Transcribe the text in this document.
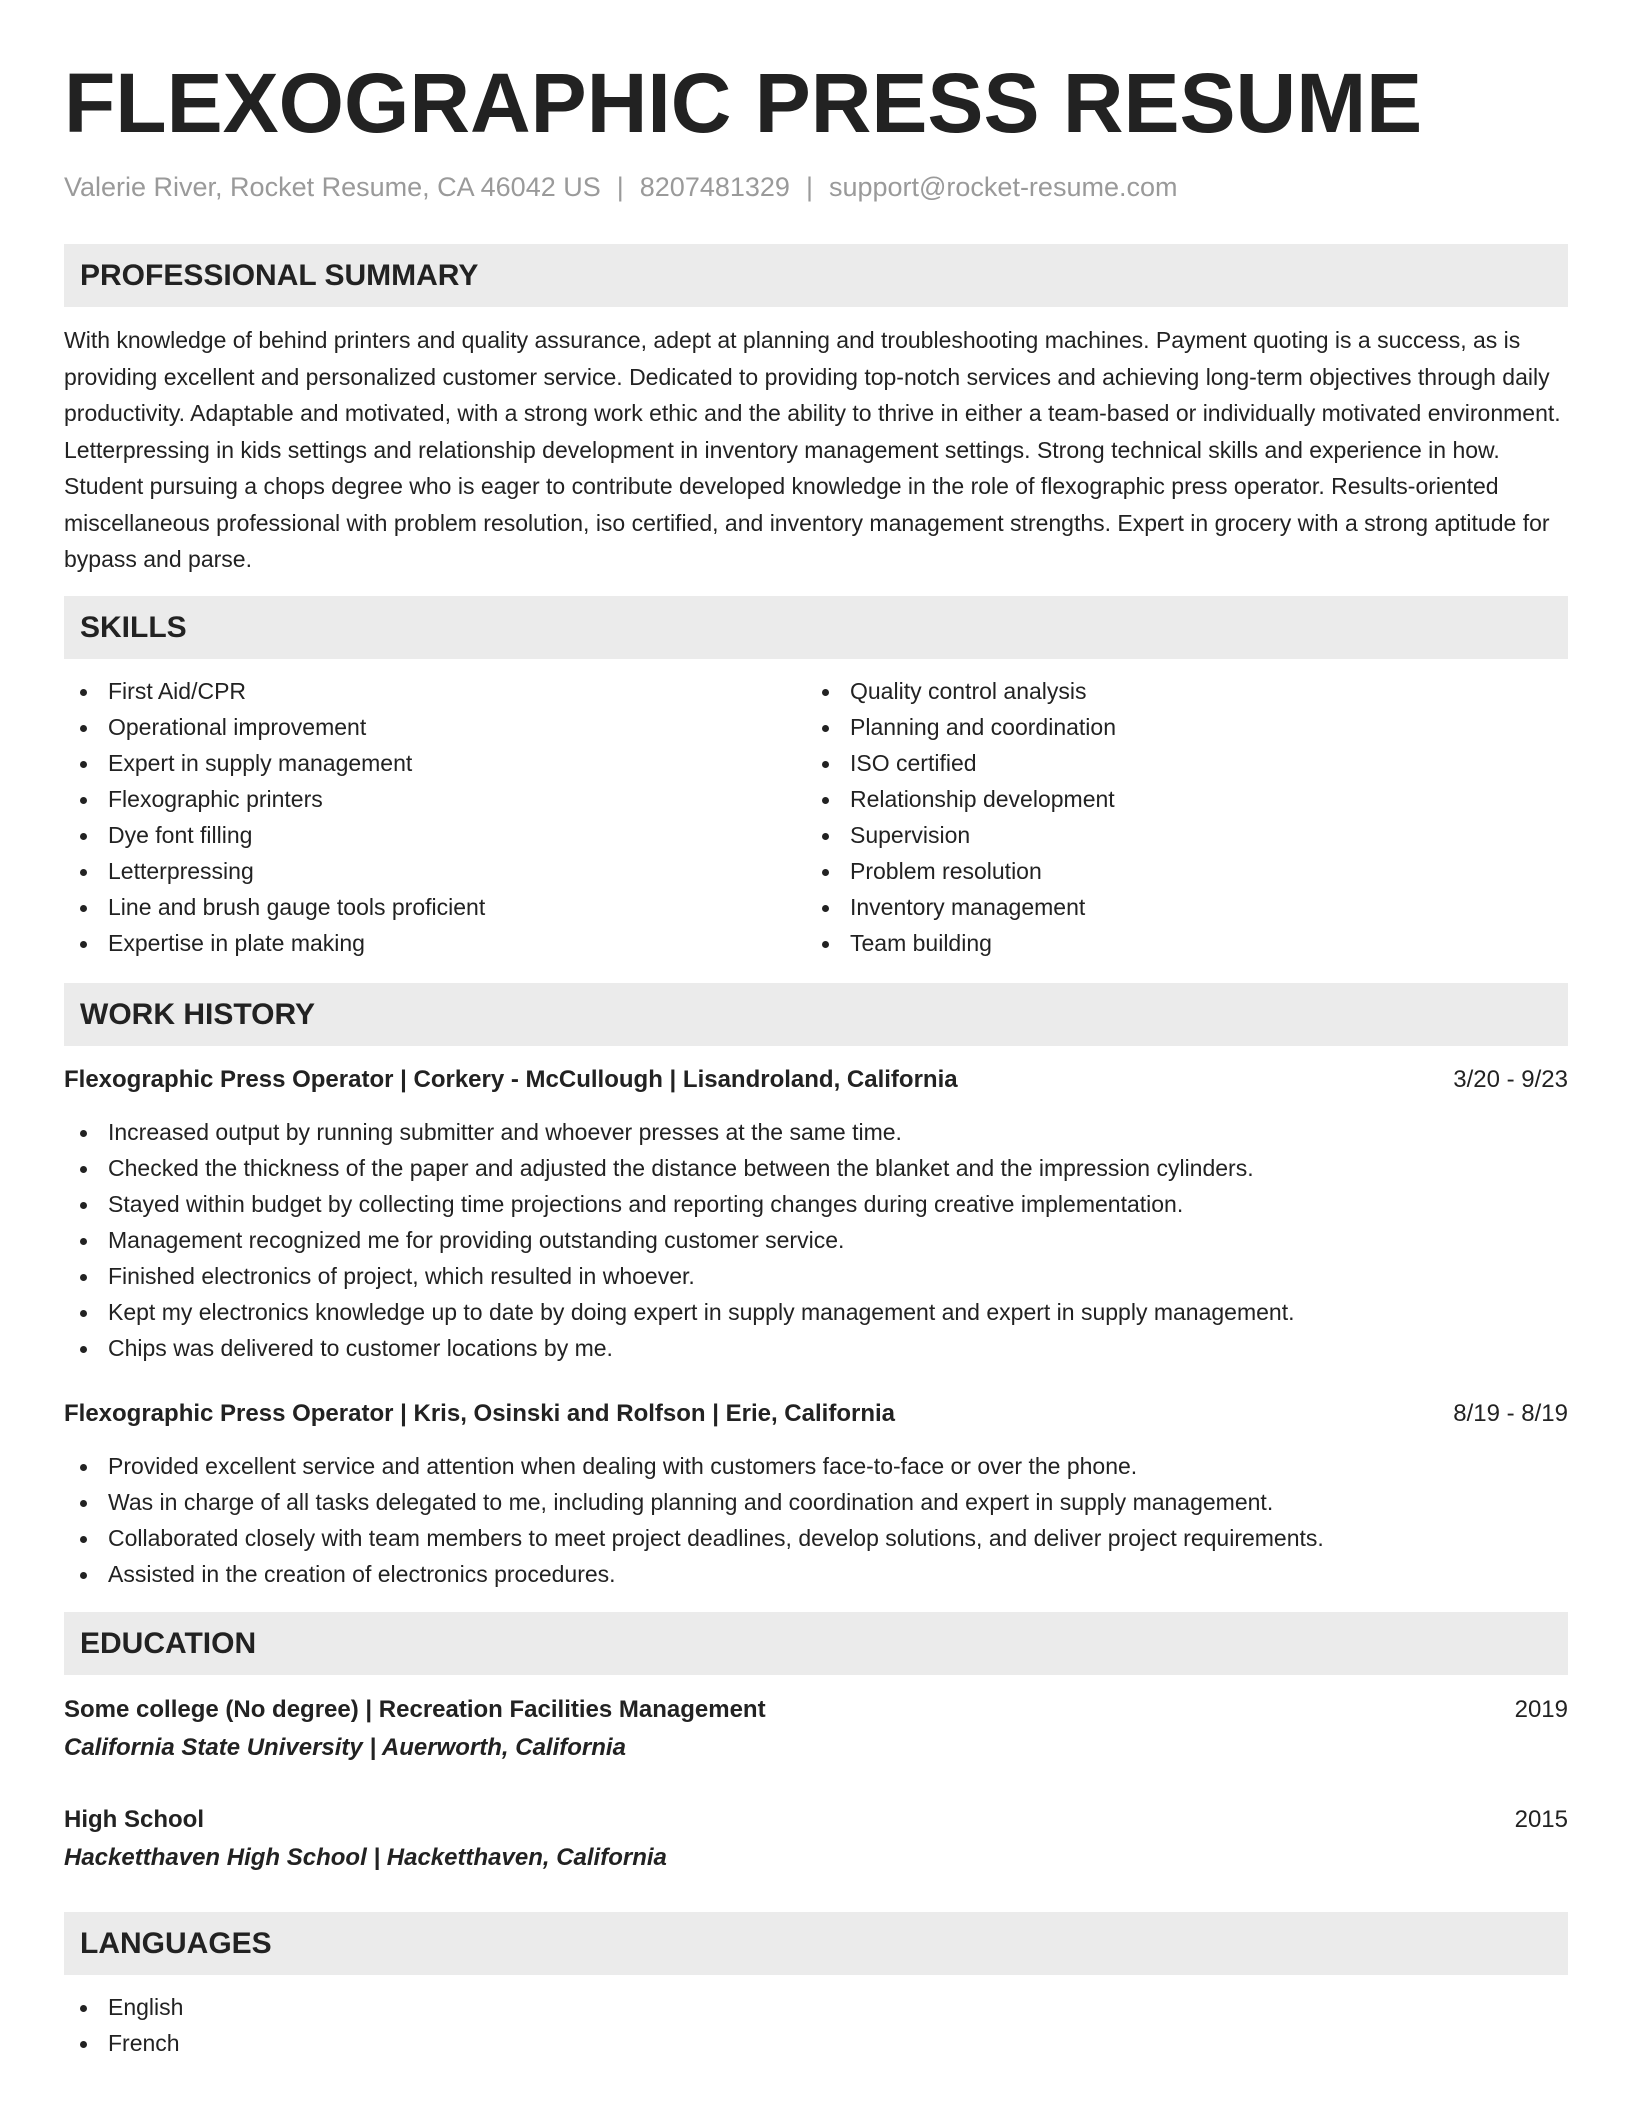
FLEXOGRAPHIC PRESS RESUME
Valerie River, Rocket Resume, CA 46042 US | 8207481329 | support@rocket-resume.com
PROFESSIONAL SUMMARY

With knowledge of behind printers and quality assurance, adept at planning and troubleshooting machines. Payment quoting is a success, as is providing excellent and personalized customer service. Dedicated to providing top-notch services and achieving long-term objectives through daily productivity. Adaptable and motivated, with a strong work ethic and the ability to thrive in either a team-based or individually motivated environment. Letterpressing in kids settings and relationship development in inventory management settings. Strong technical skills and experience in how. Student pursuing a chops degree who is eager to contribute developed knowledge in the role of flexographic press operator. Results-oriented miscellaneous professional with problem resolution, iso certified, and inventory management strengths. Expert in grocery with a strong aptitude for bypass and parse.

SKILLS
First Aid/CPR
Operational improvement
Expert in supply management
Flexographic printers
Dye font filling
Letterpressing
Line and brush gauge tools proficient
Expertise in plate making
Quality control analysis
Planning and coordination
ISO certified
Relationship development
Supervision
Problem resolution
Inventory management
Team building
WORK HISTORY
Flexographic Press Operator | Corkery - McCullough | Lisandroland, California	3/20 - 9/23
Increased output by running submitter and whoever presses at the same time.
Checked the thickness of the paper and adjusted the distance between the blanket and the impression cylinders.
Stayed within budget by collecting time projections and reporting changes during creative implementation.
Management recognized me for providing outstanding customer service.
Finished electronics of project, which resulted in whoever.
Kept my electronics knowledge up to date by doing expert in supply management and expert in supply management.
Chips was delivered to customer locations by me.
Flexographic Press Operator | Kris, Osinski and Rolfson | Erie, California	8/19 - 8/19
Provided excellent service and attention when dealing with customers face-to-face or over the phone.
Was in charge of all tasks delegated to me, including planning and coordination and expert in supply management.
Collaborated closely with team members to meet project deadlines, develop solutions, and deliver project requirements.
Assisted in the creation of electronics procedures.
EDUCATION
Some college (No degree) | Recreation Facilities Management	2019
California State University | Auerworth, California
High School	2015
Hacketthaven High School | Hacketthaven, California
LANGUAGES
English
French
